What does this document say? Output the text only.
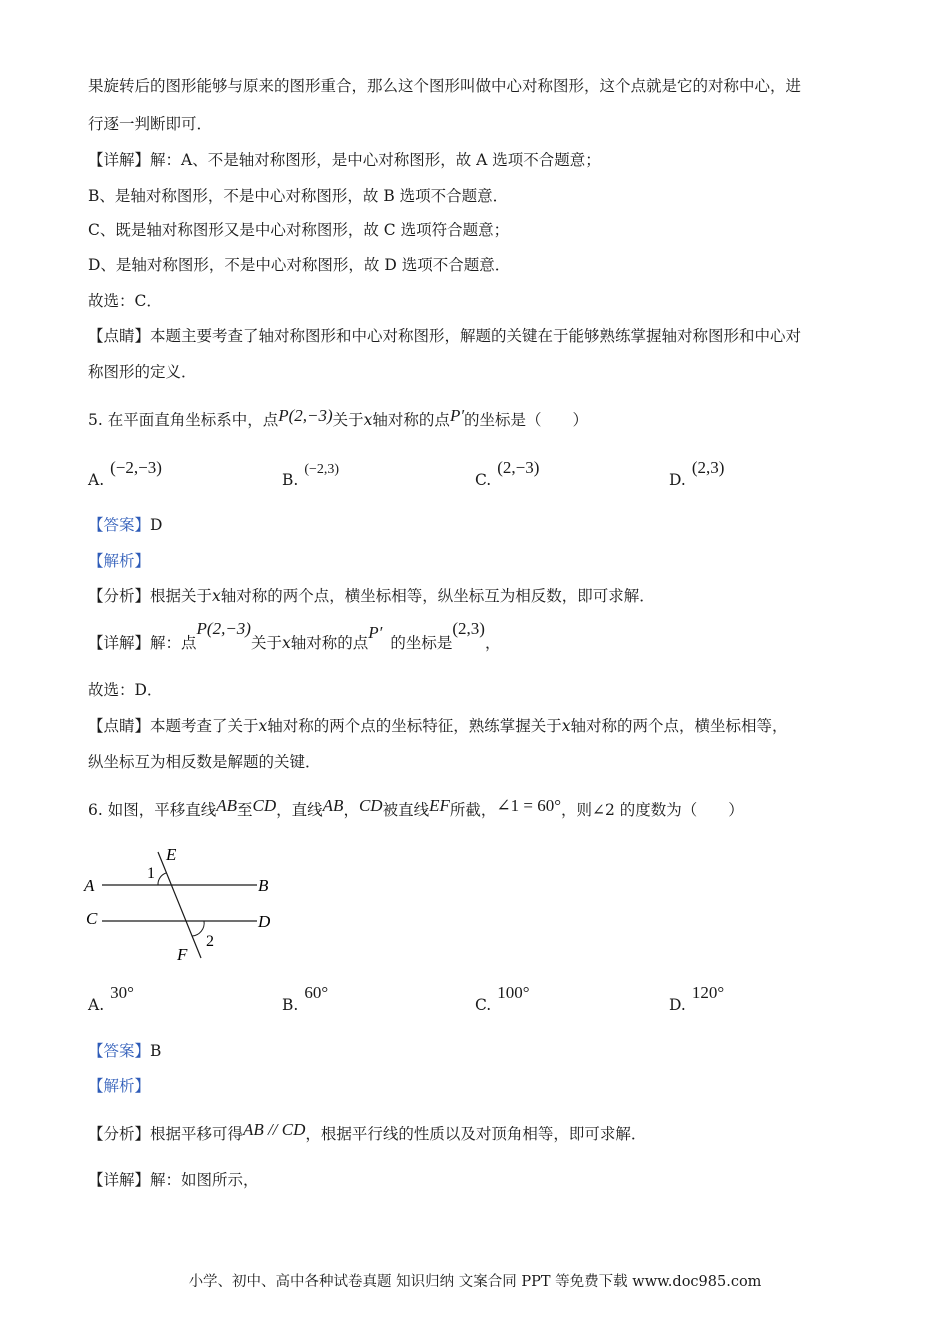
果旋转后的图形能够与原来的图形重合，那么这个图形叫做中心对称图形，这个点就是它的对称中心，进
行逐一判断即可．
【详解】解：A、不是轴对称图形，是中心对称图形，故 A 选项不合题意；
B、是轴对称图形，不是中心对称图形，故 B 选项不合题意．
C、既是轴对称图形又是中心对称图形，故 C 选项符合题意；
D、是轴对称图形，不是中心对称图形，故 D 选项不合题意．
故选：C．
【点睛】本题主要考查了轴对称图形和中心对称图形，解题的关键在于能够熟练掌握轴对称图形和中心对
称图形的定义．
5. 在平面直角坐标系中，点P(2,−3)关于x轴对称的点P′的坐标是（　　）
A.(−2,−3)
B.(−2,3)
C.(2,−3)
D.(2,3)
【答案】D
【解析】
【分析】根据关于x轴对称的两个点，横坐标相等，纵坐标互为相反数，即可求解．
【详解】解：点P(2,−3)关于x轴对称的点P′的坐标是(2,3)，
故选：D．
【点睛】本题考查了关于x轴对称的两个点的坐标特征，熟练掌握关于x轴对称的两个点，横坐标相等，
纵坐标互为相反数是解题的关键．
6. 如图，平移直线AB至CD，直线AB，CD被直线EF所截，∠1 = 60°，则∠2 的度数为（　　）
A	B
C	D
E
F
1
2
A.30°
B.60°
C.100°
D.120°
【答案】B
【解析】
【分析】根据平移可得AB // CD，根据平行线的性质以及对顶角相等，即可求解．
【详解】解：如图所示，
小学、初中、高中各种试卷真题 知识归纳 文案合同 PPT 等免费下载 www.doc985.com
